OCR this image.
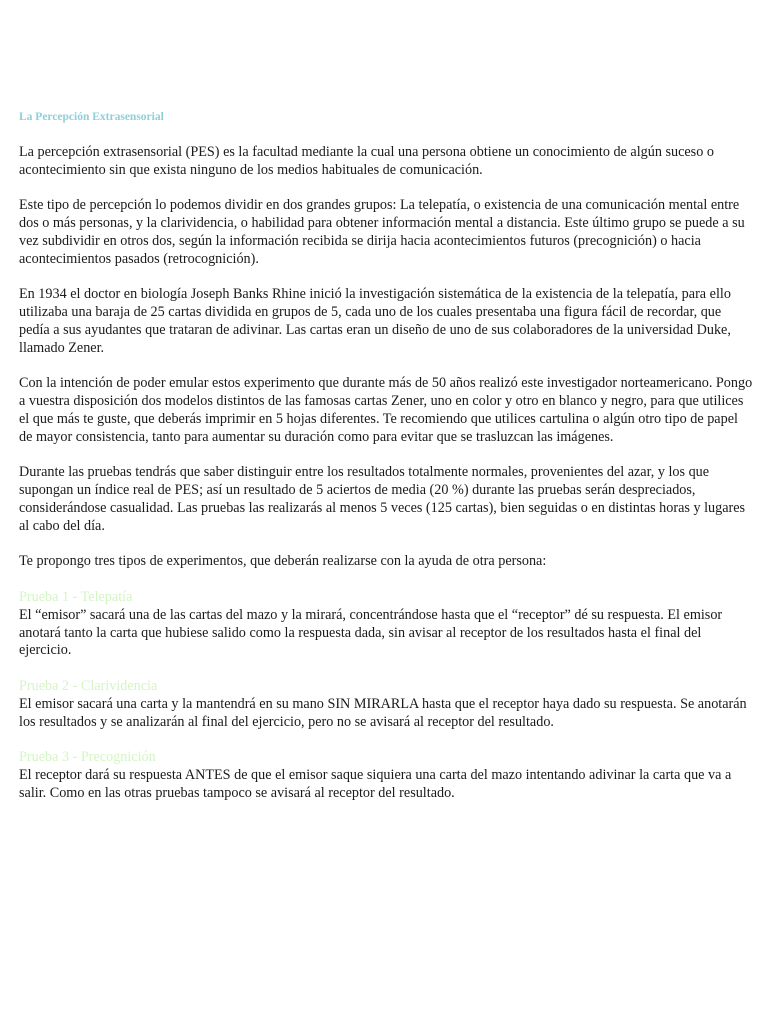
La Percepción Extrasensorial

La percepción extrasensorial (PES) es la facultad mediante la cual una persona obtiene un conocimiento de algún suceso o acontecimiento sin que exista ninguno de los medios habituales de comunicación.

Este tipo de percepción lo podemos dividir en dos grandes grupos: La telepatía, o existencia de una comunicación mental entre dos o más personas, y la clarividencia, o habilidad para obtener información mental a distancia. Este último grupo se puede a su vez subdividir en otros dos, según la información recibida se dirija hacia acontecimientos futuros (precognición) o hacia acontecimientos pasados (retrocognición).

En 1934 el doctor en biología Joseph Banks Rhine inició la investigación sistemática de la existencia de la telepatía, para ello utilizaba una baraja de 25 cartas dividida en grupos de 5, cada uno de los cuales presentaba una figura fácil de recordar, que pedía a sus ayudantes que trataran de adivinar. Las cartas eran un diseño de uno de sus colaboradores de la universidad Duke, llamado Zener.

Con la intención de poder emular estos experimento que durante más de 50 años realizó este investigador norteamericano. Pongo a vuestra disposición dos modelos distintos de las famosas cartas Zener, uno en color y otro en blanco y negro, para que utilices el que más te guste, que deberás imprimir en 5 hojas diferentes. Te recomiendo que utilices cartulina o algún otro tipo de papel de mayor consistencia, tanto para aumentar su duración como para evitar que se trasluzcan las imágenes.

Durante las pruebas tendrás que saber distinguir entre los resultados totalmente normales, provenientes del azar, y los que supongan un índice real de PES; así un resultado de 5 aciertos de media (20 %) durante las pruebas serán despreciados, considerándose casualidad. Las pruebas las realizarás al menos 5 veces (125 cartas), bien seguidas o en distintas horas y lugares al cabo del día.

Te propongo tres tipos de experimentos, que deberán realizarse con la ayuda de otra persona:

Prueba 1 - Telepatía
El “emisor” sacará una de las cartas del mazo y la mirará, concentrándose hasta que el “receptor” dé su respuesta. El emisor anotará tanto la carta que hubiese salido como la respuesta dada, sin avisar al receptor de los resultados hasta el final del ejercicio.
Prueba 2 - Clarividencia
El emisor sacará una carta y la mantendrá en su mano SIN MIRARLA hasta que el receptor haya dado su respuesta. Se anotarán los resultados y se analizarán al final del ejercicio, pero no se avisará al receptor del resultado.
Prueba 3 - Precognición
El receptor dará su respuesta ANTES de que el emisor saque siquiera una carta del mazo intentando adivinar la carta que va a salir. Como en las otras pruebas tampoco se avisará al receptor del resultado.
